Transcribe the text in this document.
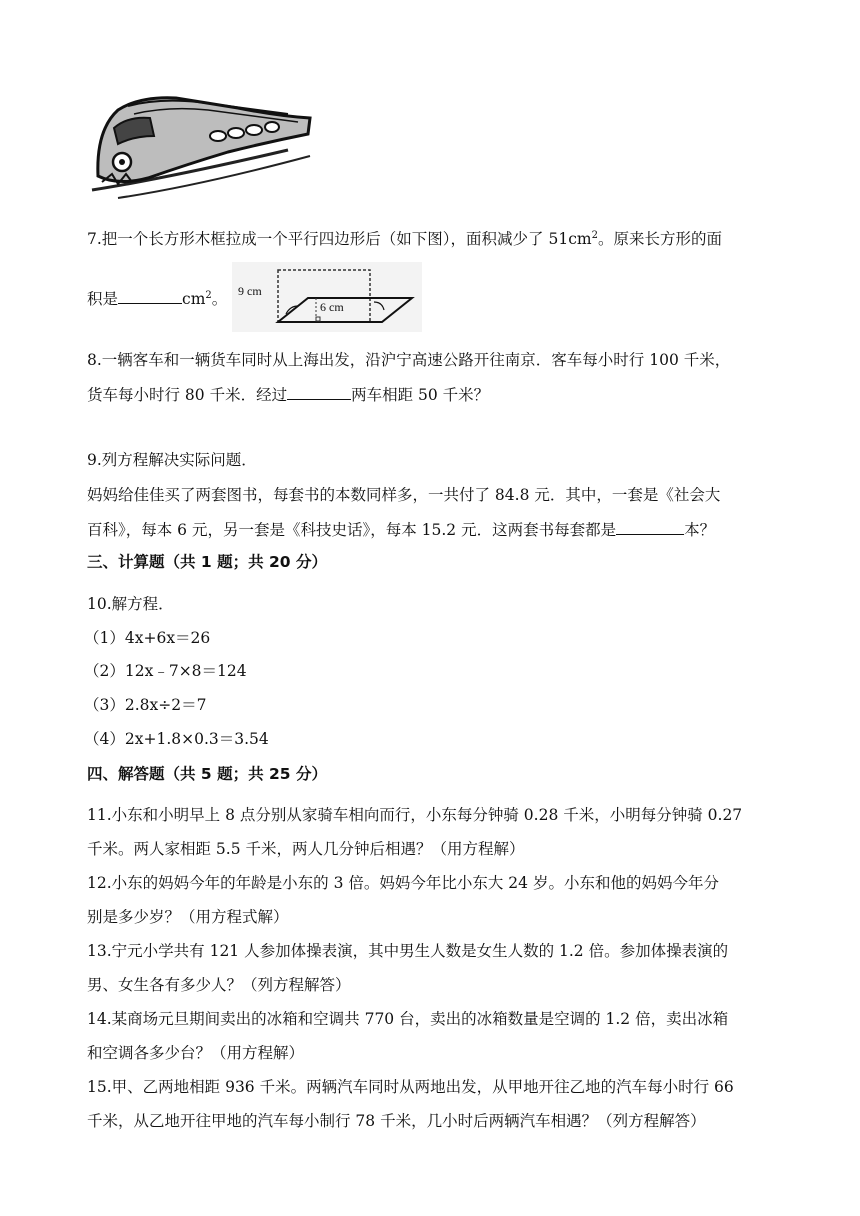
7.把一个长方形木框拉成一个平行四边形后（如下图），面积减少了 $51cm^2$。原来长方形的面
积是	$cm^2$。 9 cm
6 cm
8.一辆客车和一辆货车同时从上海出发，沿沪宁高速公路开往南京．客车每小时行 100 千米，
货车每小时行 80 千米．经过	两车相距 50 千米？
9.列方程解决实际问题．
妈妈给佳佳买了两套图书，每套书的本数同样多，一共付了 84.8 元．其中，一套是《社会大
百科》，每本 6 元，另一套是《科技史话》，每本 15.2 元．这两套书每套都是	本？
三、计算题（共 1 题；共 20 分）
10.解方程．
（1）4x+6x＝26
（2）12x﹣7×8＝124
（3）2.8x÷2＝7
（4）2x+1.8×0.3＝3.54
四、解答题（共 5 题；共 25 分）
11.小东和小明早上 8 点分别从家骑车相向而行，小东每分钟骑 0.28 千米，小明每分钟骑 0.27
千米。两人家相距 5.5 千米，两人几分钟后相遇？（用方程解）
12.小东的妈妈今年的年龄是小东的 3 倍。妈妈今年比小东大 24 岁。小东和他的妈妈今年分
别是多少岁？（用方程式解）
13.宁元小学共有 121 人参加体操表演，其中男生人数是女生人数的 1.2 倍。参加体操表演的
男、女生各有多少人？（列方程解答）
14.某商场元旦期间卖出的冰箱和空调共 770 台，卖出的冰箱数量是空调的 1.2 倍，卖出冰箱
和空调各多少台？（用方程解）
15.甲、乙两地相距 936 千米。两辆汽车同时从两地出发，从甲地开往乙地的汽车每小时行 66
千米，从乙地开往甲地的汽车每小制行 78 千米，几小时后两辆汽车相遇？（列方程解答）
